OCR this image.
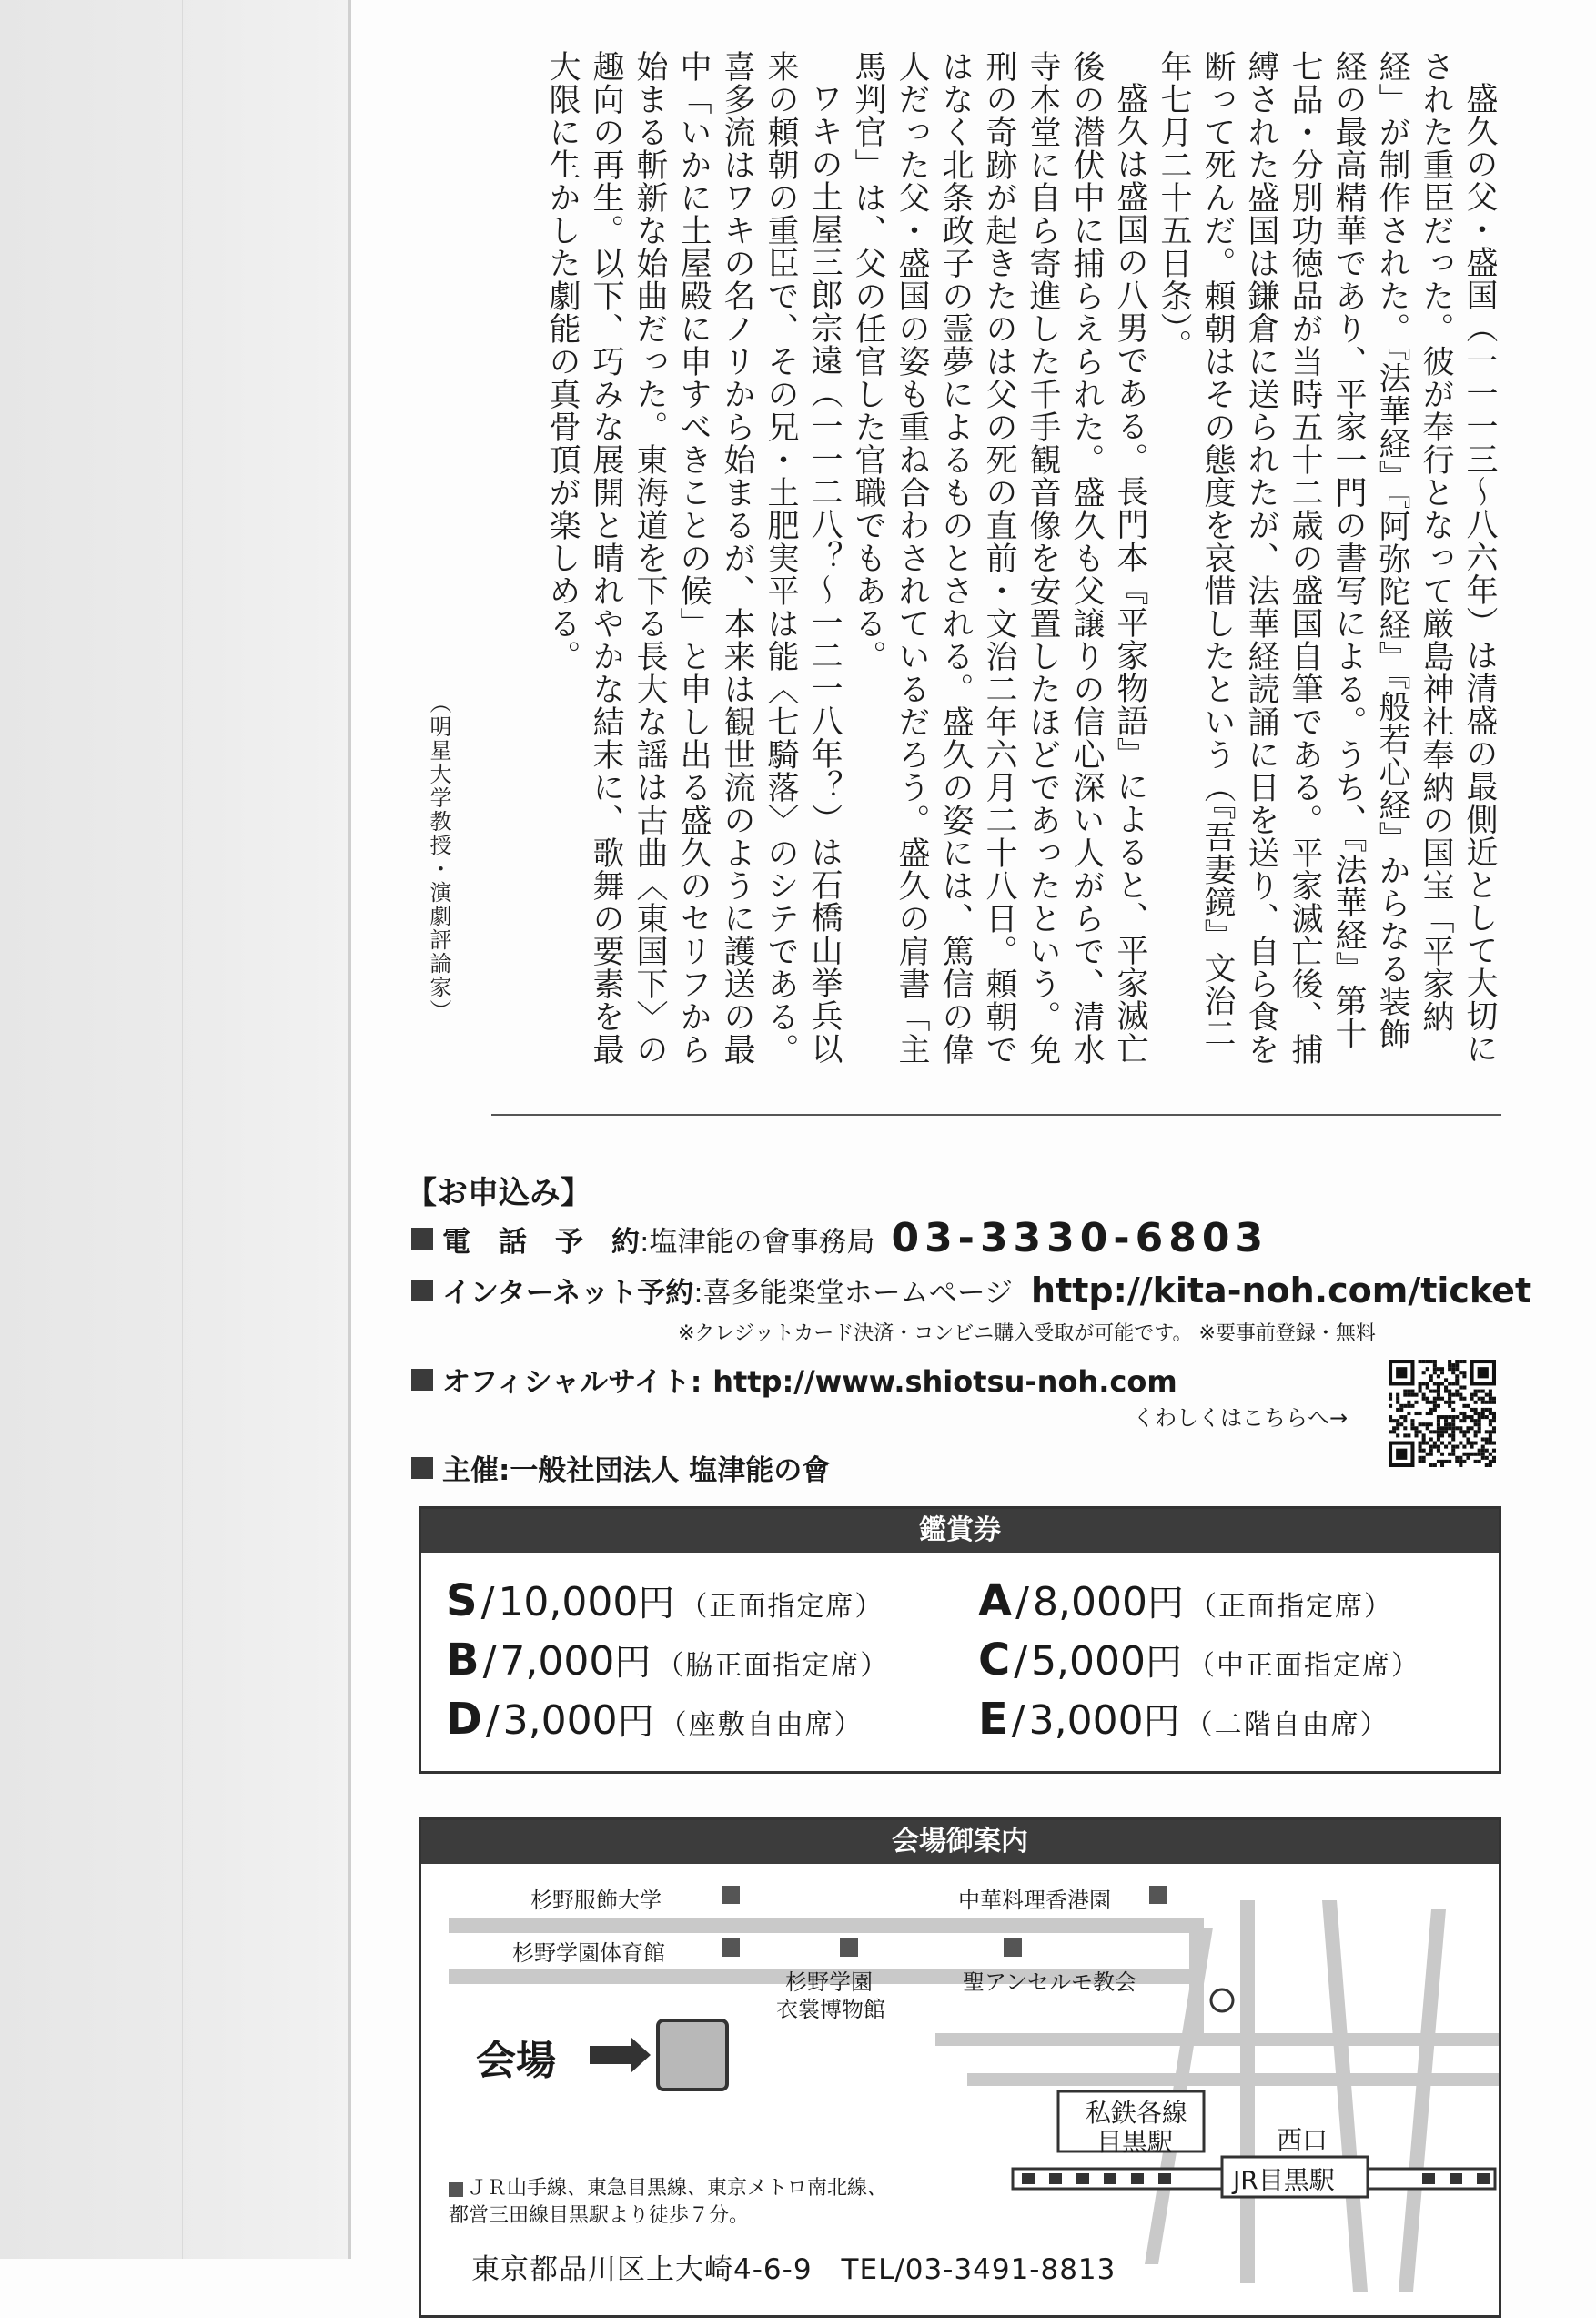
盛久の父・盛国（一一一三〜八六年）は清盛の最側近として大切にされた重臣だった。彼が奉行となって厳島神社奉納の国宝「平家納経」が制作された。『法華経』『阿弥陀経』『般若心経』からなる装飾経の最高精華であり、平家一門の書写による。うち、『法華経』第十七品・分別功徳品が当時五十二歳の盛国自筆である。平家滅亡後、捕縛された盛国は鎌倉に送られたが、法華経読誦に日を送り、自ら食を断って死んだ。頼朝はその態度を哀惜したという（『吾妻鏡』文治二年七月二十五日条）。

盛久は盛国の八男である。長門本『平家物語』によると、平家滅亡後の潜伏中に捕らえられた。盛久も父譲りの信心深い人がらで、清水寺本堂に自ら寄進した千手観音像を安置したほどであったという。免刑の奇跡が起きたのは父の死の直前・文治二年六月二十八日。頼朝ではなく北条政子の霊夢によるものとされる。盛久の姿には、篤信の偉人だった父・盛国の姿も重ね合わされているだろう。盛久の肩書「主馬判官」は、父の任官した官職でもある。

ワキの土屋三郎宗遠（一一二八？〜一二一八年？）は石橋山挙兵以来の頼朝の重臣で、その兄・土肥実平は能〈七騎落〉のシテである。喜多流はワキの名ノリから始まるが、本来は観世流のように護送の最中「いかに土屋殿に申すべきことの候」と申し出る盛久のセリフから始まる斬新な始曲だった。東海道を下る長大な謡は古曲〈東国下〉の趣向の再生。以下、巧みな展開と晴れやかな結末に、歌舞の要素を最大限に生かした劇能の真骨頂が楽しめる。

（明星大学教授・演劇評論家）
【お申込み】
電　話　予　約 :塩津能の會事務局 03-3330-6803
インターネット予約 :喜多能楽堂ホームページ http://kita-noh.com/ticket
※クレジットカード決済・コンビニ購入受取が可能です。 ※要事前登録・無料
オフィシャルサイト : http://www.shiotsu-noh.com
くわしくはこちらへ→
主催 :一般社団法人 塩津能の會
鑑賞券
S / 10,000 円 （正面指定席） A / 8,000 円 （正面指定席）
B / 7,000 円 （脇正面指定席） C / 5,000 円 （中正面指定席）
D / 3,000 円 （座敷自由席）	E / 3,000 円 （二階自由席）
会場御案内
杉野服飾大学	中華料理香港園
杉野学園体育館
杉野学園
衣裳博物館
聖アンセルモ教会
会場
私鉄各線
目黒駅	西口
JR目黒駅
ＪＲ山手線、東急目黒線、東京メトロ南北線、
都営三田線目黒駅より徒歩７分。
東京都品川区上大崎4-6-9　TEL/03-3491-8813
